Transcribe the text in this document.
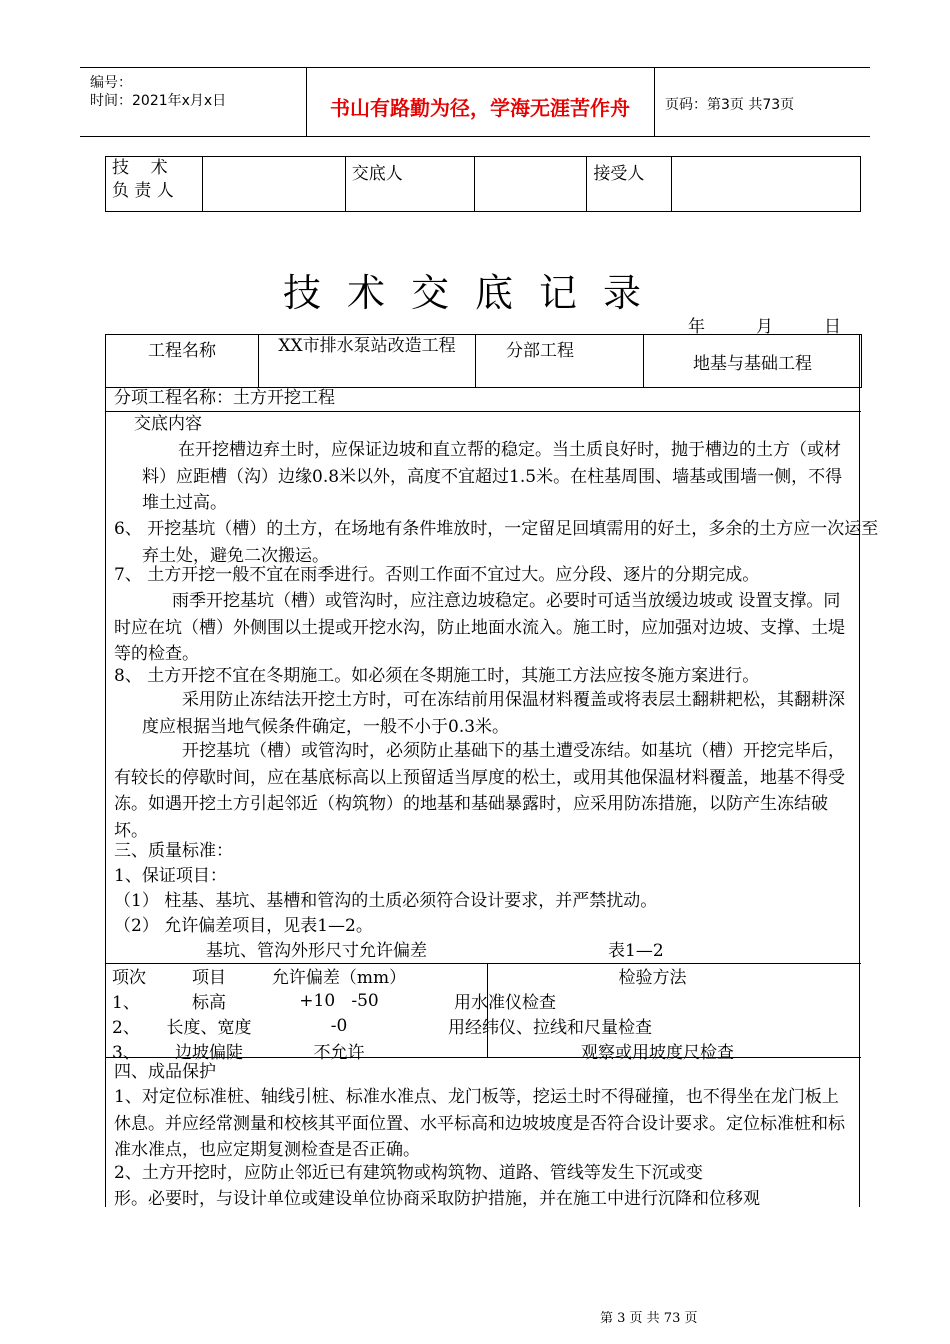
编号：
时间：2021年x月x日	书山有路勤为径，学海无涯苦作舟	页码：第3页 共73页
技    术
负 责 人
		交底人		接受人	
技术交底记录
年　　　月　　　日
工程名称	XX市排水泵站改造工程	分部工程	地基与基础工程
分项工程名称：土方开挖工程
交底内容
在开挖槽边弃土时，应保证边坡和直立帮的稳定。当土质良好时，抛于槽边的土方（或材料）应距槽（沟）边缘0.8米以外，高度不宜超过1.5米。在柱基周围、墙基或围墙一侧，不得堆土过高。
6、 开挖基坑（槽）的土方，在场地有条件堆放时，一定留足回填需用的好土，多余的土方应一次运至弃土处，避免二次搬运。
7、 土方开挖一般不宜在雨季进行。否则工作面不宜过大。应分段、逐片的分期完成。
雨季开挖基坑（槽）或管沟时，应注意边坡稳定。必要时可适当放缓边坡或 设置支撑。同时应在坑（槽）外侧围以土提或开挖水沟，防止地面水流入。施工时，应加强对边坡、支撑、土堤等的检查。
8、 土方开挖不宜在冬期施工。如必须在冬期施工时，其施工方法应按冬施方案进行。
采用防止冻结法开挖土方时，可在冻结前用保温材料覆盖或将表层土翻耕耙松，其翻耕深度应根据当地气候条件确定，一般不小于0.3米。
开挖基坑（槽）或管沟时，必须防止基础下的基土遭受冻结。如基坑（槽）开挖完毕后，有较长的停歇时间，应在基底标高以上预留适当厚度的松土，或用其他保温材料覆盖，地基不得受冻。如遇开挖土方引起邻近（构筑物）的地基和基础暴露时，应采用防冻措施，以防产生冻结破坏。
三、质量标准：
1、保证项目：
（1） 柱基、基坑、基槽和管沟的土质必须符合设计要求，并严禁扰动。
（2） 允许偏差项目，见表1—2。
基坑、管沟外形尺寸允许偏差	表1—2
项次	项目	允许偏差（mm）	检验方法
1、	标高	+10   -50	用水准仪检查
2、	长度、宽度	-0	用经纬仪、拉线和尺量检查
3、	边坡偏陡	不允许	观察或用坡度尺检查
四、成品保护
1、对定位标准桩、轴线引桩、标准水准点、龙门板等，挖运土时不得碰撞，也不得坐在龙门板上休息。并应经常测量和校核其平面位置、水平标高和边坡坡度是否符合设计要求。定位标准桩和标准水准点，也应定期复测检查是否正确。
2、土方开挖时，应防止邻近已有建筑物或构筑物、道路、管线等发生下沉或变
形。必要时，与设计单位或建设单位协商采取防护措施，并在施工中进行沉降和位移观
第 3 页 共 73 页
